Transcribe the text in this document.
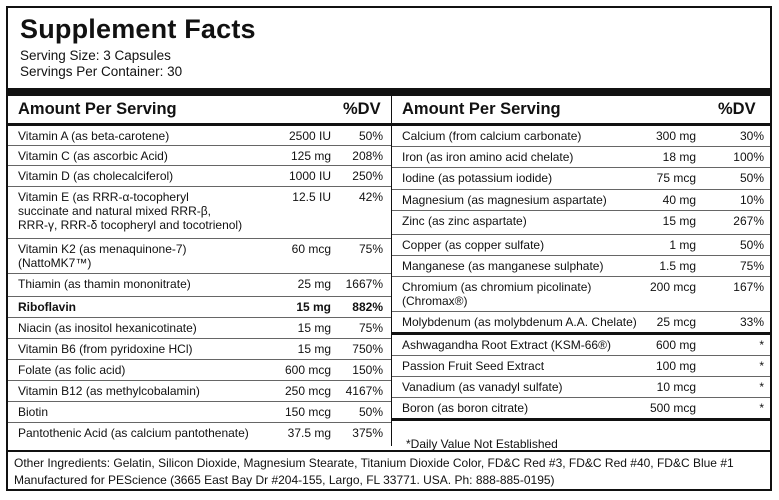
Supplement Facts
Serving Size: 3 Capsules
Servings Per Container: 30
Amount Per Serving	%DV
Vitamin A (as beta-carotene)	2500 IU	50%
Vitamin C (as ascorbic Acid)	125 mg	208%
Vitamin D (as cholecalciferol)	1000 IU	250%
Vitamin E (as RRR-α-tocopheryl
succinate and natural mixed RRR-β,
RRR-γ, RRR-δ tocopheryl and tocotrienol)
12.5 IU	42%
Vitamin K2 (as menaquinone-7)
(NattoMK7™)
60 mcg	75%
Thiamin (as thamin mononitrate)	25 mg	1667%
Riboflavin	15 mg	882%
Niacin (as inositol hexanicotinate)	15 mg	75%
Vitamin B6 (from pyridoxine HCl)	15 mg	750%
Folate (as folic acid)	600 mcg	150%
Vitamin B12 (as methylcobalamin)	250 mcg	4167%
Biotin	150 mcg	50%
Pantothenic Acid (as calcium pantothenate)	37.5 mg	375%
Amount Per Serving	%DV
Calcium (from calcium carbonate)	300 mg	30%
Iron (as iron amino acid chelate)	18 mg	100%
Iodine (as potassium iodide)	75 mcg	50%
Magnesium (as magnesium aspartate)	40 mg	10%
Zinc (as zinc aspartate)	15 mg	267%
Copper (as copper sulfate)	1 mg	50%
Manganese (as manganese sulphate)	1.5 mg	75%
Chromium (as chromium picolinate)
(Chromax®)
200 mcg	167%
Molybdenum (as molybdenum A.A. Chelate)	25 mcg	33%
Ashwagandha Root Extract (KSM-66®)	600 mg	*
Passion Fruit Seed Extract	100 mg	*
Vanadium (as vanadyl sulfate)	10 mcg	*
Boron (as boron citrate)	500 mcg	*
*Daily Value Not Established
Other Ingredients: Gelatin, Silicon Dioxide, Magnesium Stearate, Titanium Dioxide Color, FD&C Red #3, FD&C Red #40, FD&C Blue #1
Manufactured for PEScience (3665 East Bay Dr #204-155, Largo, FL 33771. USA. Ph: 888-885-0195)
